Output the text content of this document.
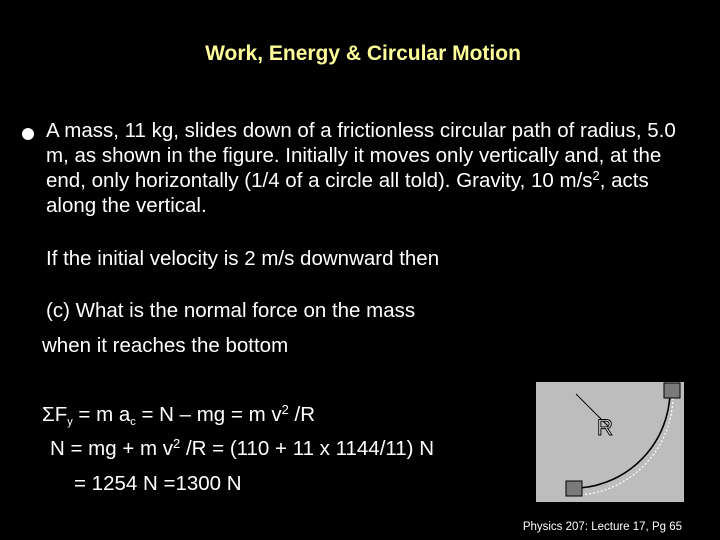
Work, Energy & Circular Motion
A mass, 11 kg, slides down of a frictionless circular path of radius, 5.0 m, as shown in the figure. Initially it moves only vertically and, at the end, only horizontally (1/4 of a circle all told). Gravity, 10 $m/s^2$, acts along the vertical.
If the initial velocity is 2 m/s downward then
(c) What is the normal force on the mass
when it reaches the bottom
$\Sigma F_y = m$ $a_c = N$ – mg = m $v^2$ /R
N = mg + m $v^2$ /R = (110 + 11 x 1144/11) N
= 1254 N =1300 N
R
Physics 207: Lecture 17, Pg 65
